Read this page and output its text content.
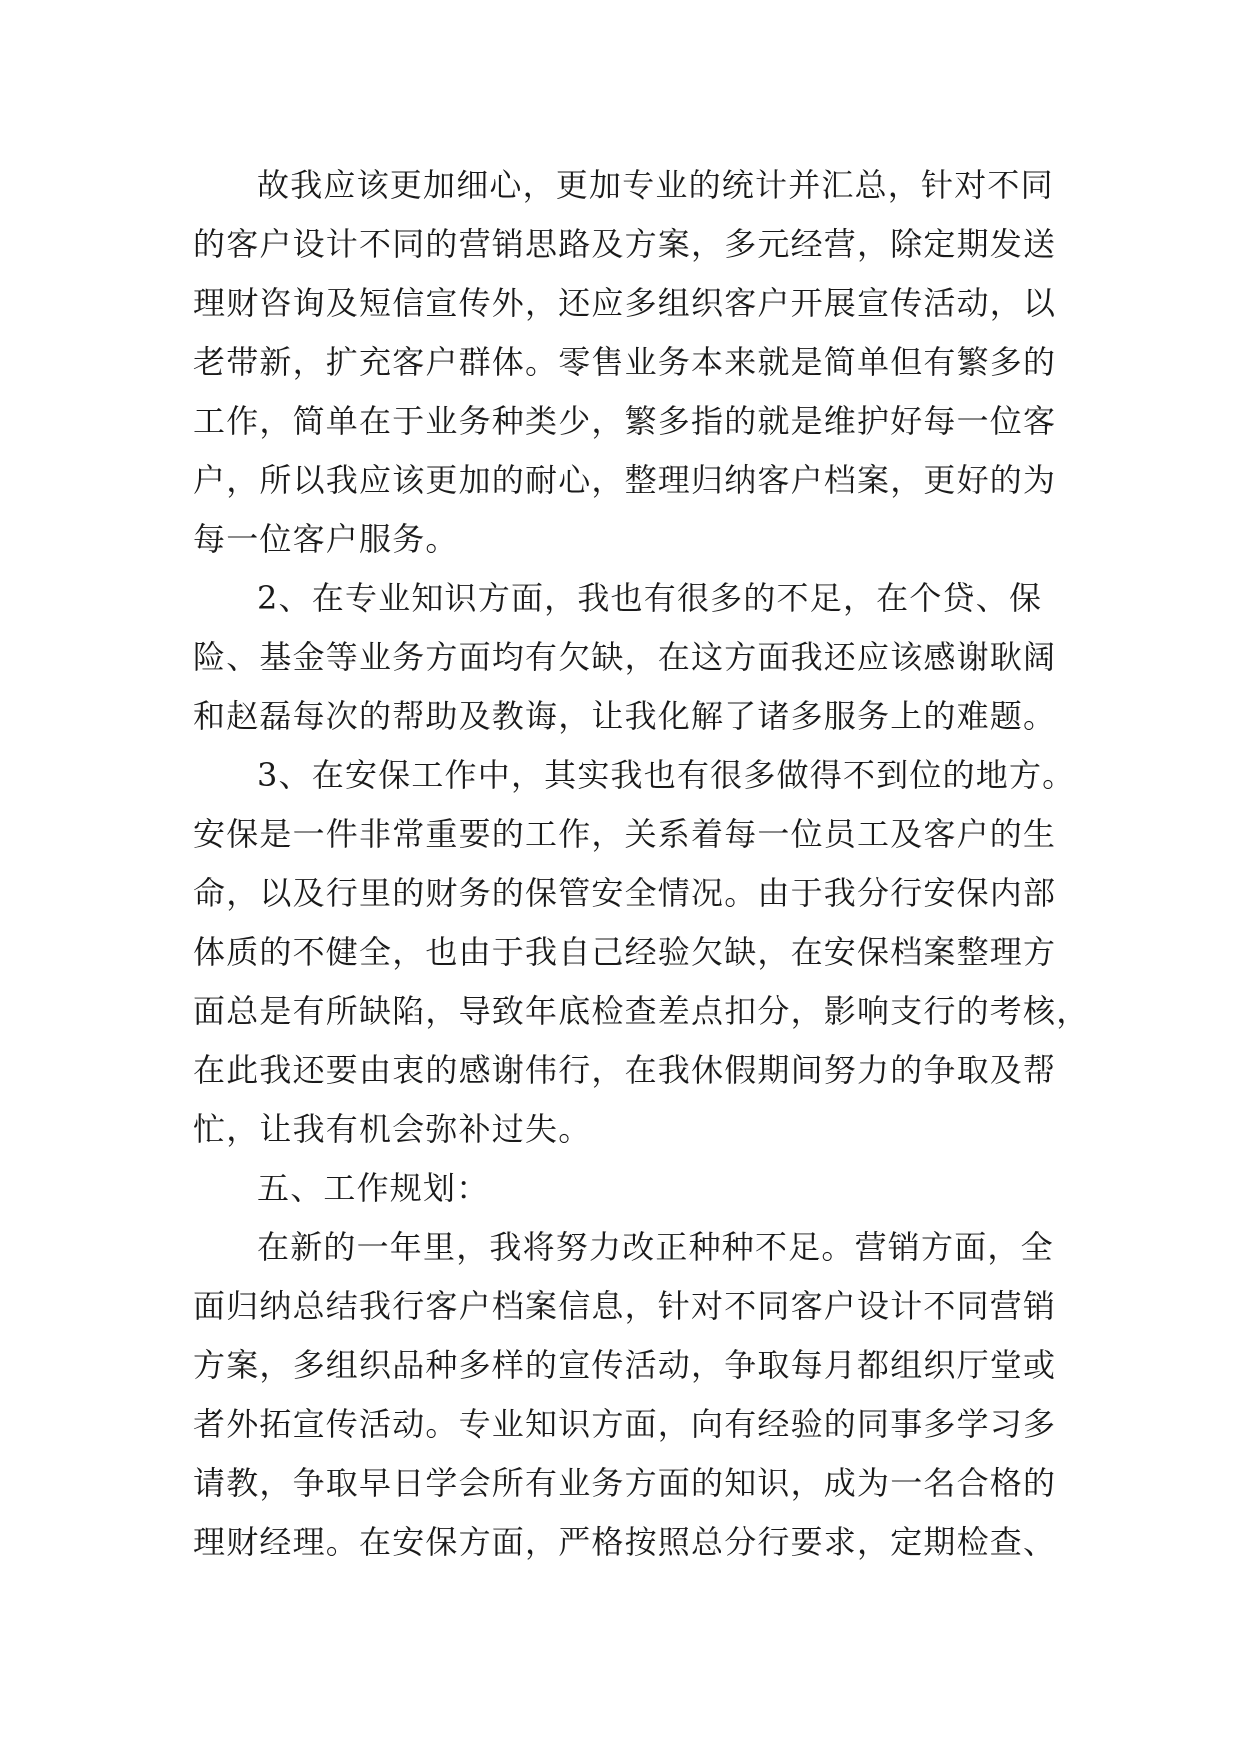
故我应该更加细心，更加专业的统计并汇总，针对不同
的客户设计不同的营销思路及方案，多元经营，除定期发送
理财咨询及短信宣传外，还应多组织客户开展宣传活动，以
老带新，扩充客户群体。零售业务本来就是简单但有繁多的
工作，简单在于业务种类少，繁多指的就是维护好每一位客
户，所以我应该更加的耐心，整理归纳客户档案，更好的为
每一位客户服务。
2、在专业知识方面，我也有很多的不足，在个贷、保
险、基金等业务方面均有欠缺，在这方面我还应该感谢耿阔
和赵磊每次的帮助及教诲，让我化解了诸多服务上的难题。
3、在安保工作中，其实我也有很多做得不到位的地方。
安保是一件非常重要的工作，关系着每一位员工及客户的生
命，以及行里的财务的保管安全情况。由于我分行安保内部
体质的不健全，也由于我自己经验欠缺，在安保档案整理方
面总是有所缺陷，导致年底检查差点扣分，影响支行的考核，
在此我还要由衷的感谢伟行，在我休假期间努力的争取及帮
忙，让我有机会弥补过失。
五、工作规划：
在新的一年里，我将努力改正种种不足。营销方面，全
面归纳总结我行客户档案信息，针对不同客户设计不同营销
方案，多组织品种多样的宣传活动，争取每月都组织厅堂或
者外拓宣传活动。专业知识方面，向有经验的同事多学习多
请教，争取早日学会所有业务方面的知识，成为一名合格的
理财经理。在安保方面，严格按照总分行要求，定期检查、
